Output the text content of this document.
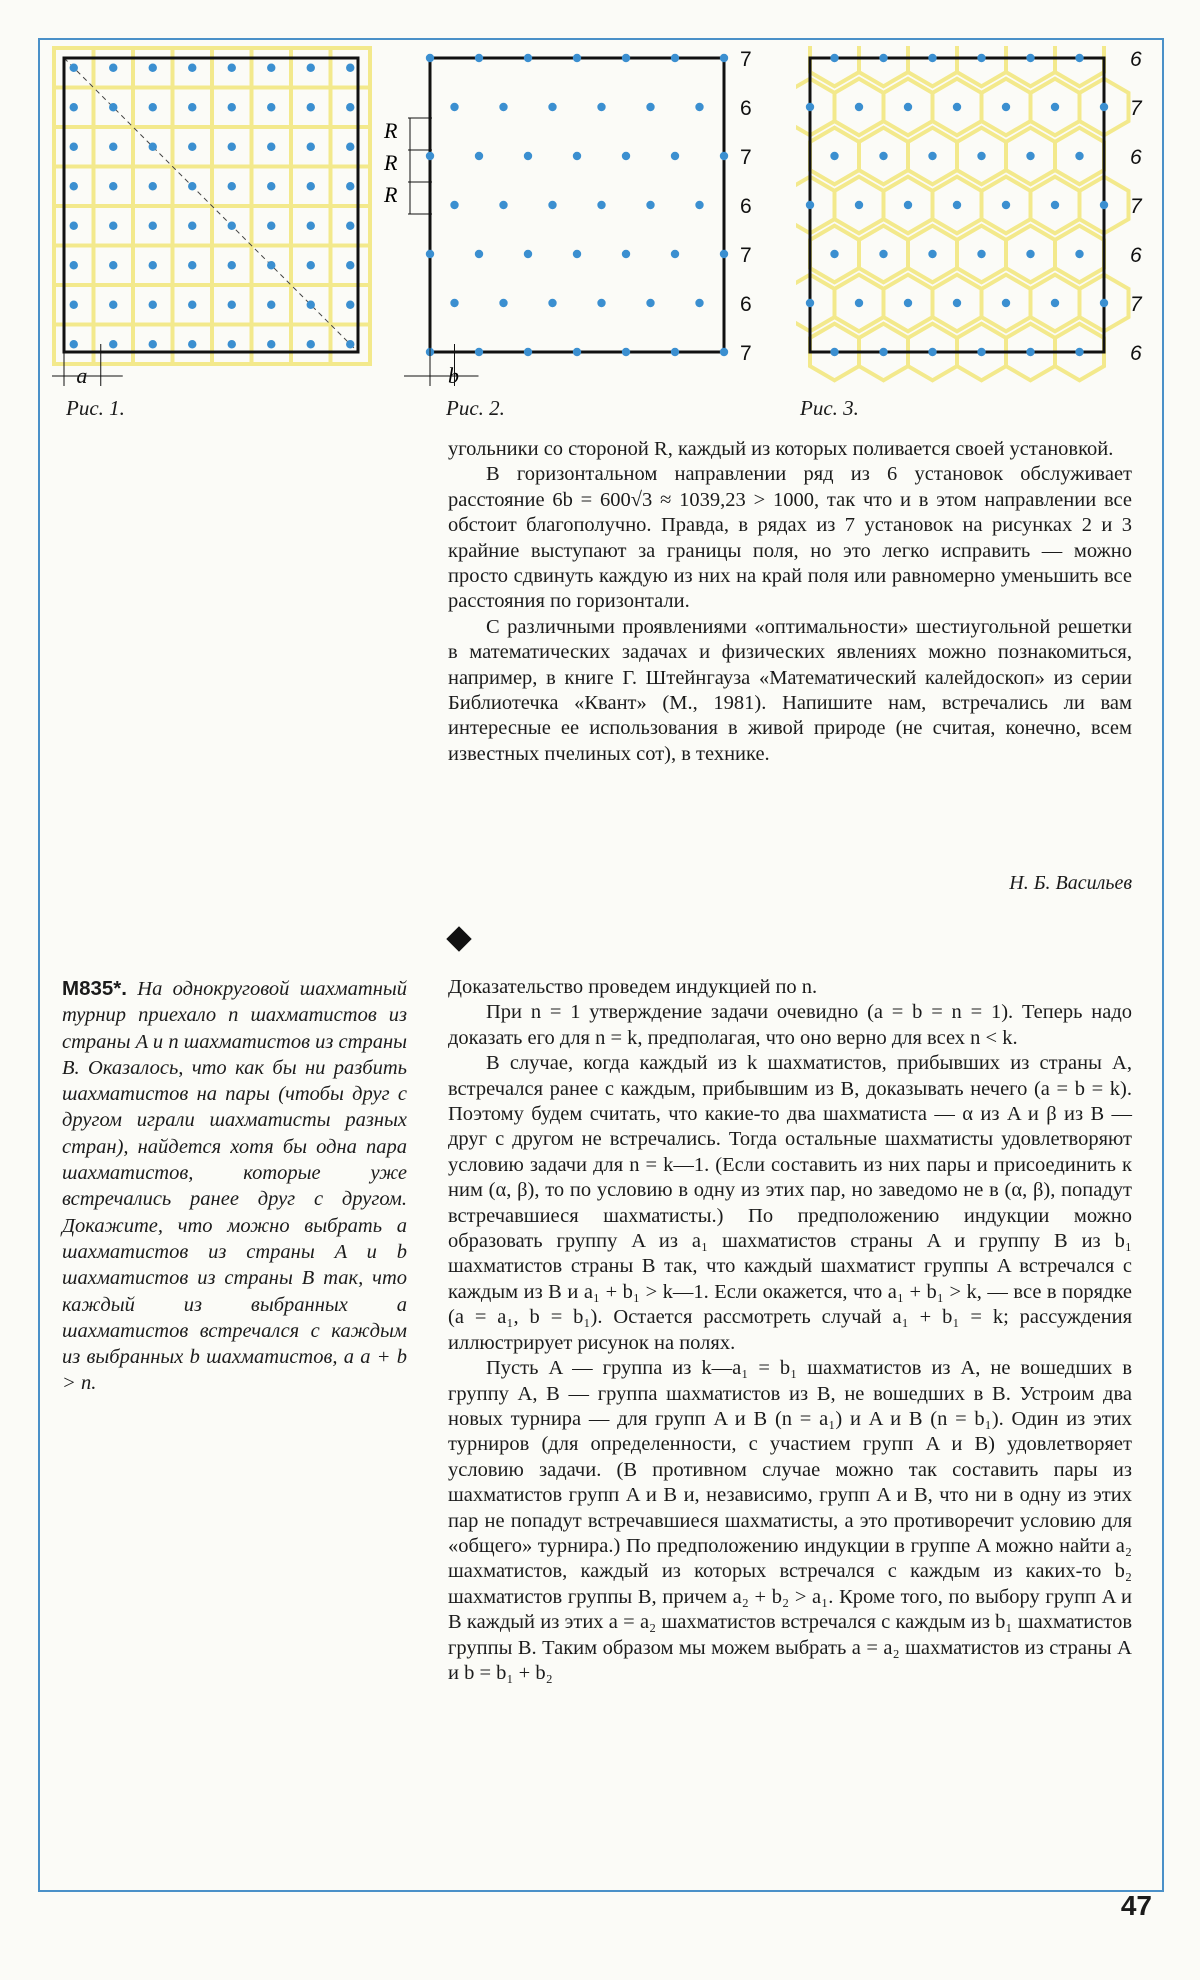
a
Рис. 1.
b
R
R
R
7
6
7
6
7
6
7
Рис. 2.
6
7
6
7
6
7
6
Рис. 3.

угольники со стороной R, каждый из которых поливается своей установкой.

В горизонтальном направлении ряд из 6 установок обслуживает расстояние 6b = 600√3 ≈ 1039,23 > 1000, так что и в этом направлении все обстоит благополучно. Правда, в рядах из 7 установок на рисунках 2 и 3 крайние выступают за границы поля, но это легко исправить — можно просто сдвинуть каждую из них на край поля или равномерно уменьшить все расстояния по горизонтали.

С различными проявлениями «оптимальности» шестиугольной решетки в математических задачах и физических явлениях можно познакомиться, например, в книге Г. Штейнгауза «Математический калейдоскоп» из серии Библиотечка «Квант» (М., 1981). Напишите нам, встречались ли вам интересные ее использования в живой природе (не считая, конечно, всем известных пчелиных сот), в технике.

Н. Б. Васильев
М835*. На однокруговой шахматный турнир приехало n шахматистов из страны A и n шахматистов из страны B. Оказалось, что как бы ни разбить шахматистов на пары (чтобы друг с другом играли шахматисты разных стран), найдется хотя бы одна пара шахматистов, которые уже встречались ранее друг с другом. Докажите, что можно выбрать a шахматистов из страны A и b шахматистов из страны B так, что каждый из выбранных a шахматистов встречался с каждым из выбранных b шахматистов, а a + b > n.

Доказательство проведем индукцией по n.

При n = 1 утверждение задачи очевидно (a = b = n = 1). Теперь надо доказать его для n = k, предполагая, что оно верно для всех n < k.

В случае, когда каждый из k шахматистов, прибывших из страны A, встречался ранее с каждым, прибывшим из B, доказывать нечего (a = b = k). Поэтому будем считать, что какие-то два шахматиста — α из A и β из B — друг с другом не встречались. Тогда остальные шахматисты удовлетворяют условию задачи для n = k—1. (Если составить из них пары и присоединить к ним (α, β), то по условию в одну из этих пар, но заведомо не в (α, β), попадут встречавшиеся шахматисты.) По предположению индукции можно образовать группу A из a₁ шахматистов страны A и группу B из b₁ шахматистов страны B так, что каждый шахматист группы A встречался с каждым из B и a₁ + b₁ > k—1. Если окажется, что a₁ + b₁ > k, — все в порядке (a = a₁, b = b₁). Остается рассмотреть случай a₁ + b₁ = k; рассуждения иллюстрирует рисунок на полях.

Пусть A — группа из k—a₁ = b₁ шахматистов из A, не вошедших в группу A, B — группа шахматистов из B, не вошедших в B. Устроим два новых турнира — для групп A и B (n = a₁) и A и B (n = b₁). Один из этих турниров (для определенности, с участием групп A и B) удовлетворяет условию задачи. (В противном случае можно так составить пары из шахматистов групп A и B и, независимо, групп A и B, что ни в одну из этих пар не попадут встречавшиеся шахматисты, а это противоречит условию для «общего» турнира.) По предположению индукции в группе A можно найти a₂ шахматистов, каждый из которых встречался с каждым из каких-то b₂ шахматистов группы B, причем a₂ + b₂ > a₁. Кроме того, по выбору групп A и B каждый из этих a = a₂ шахматистов встречался с каждым из b₁ шахматистов группы B. Таким образом мы можем выбрать a = a₂ шахматистов из страны A и b = b₁ + b₂

47
